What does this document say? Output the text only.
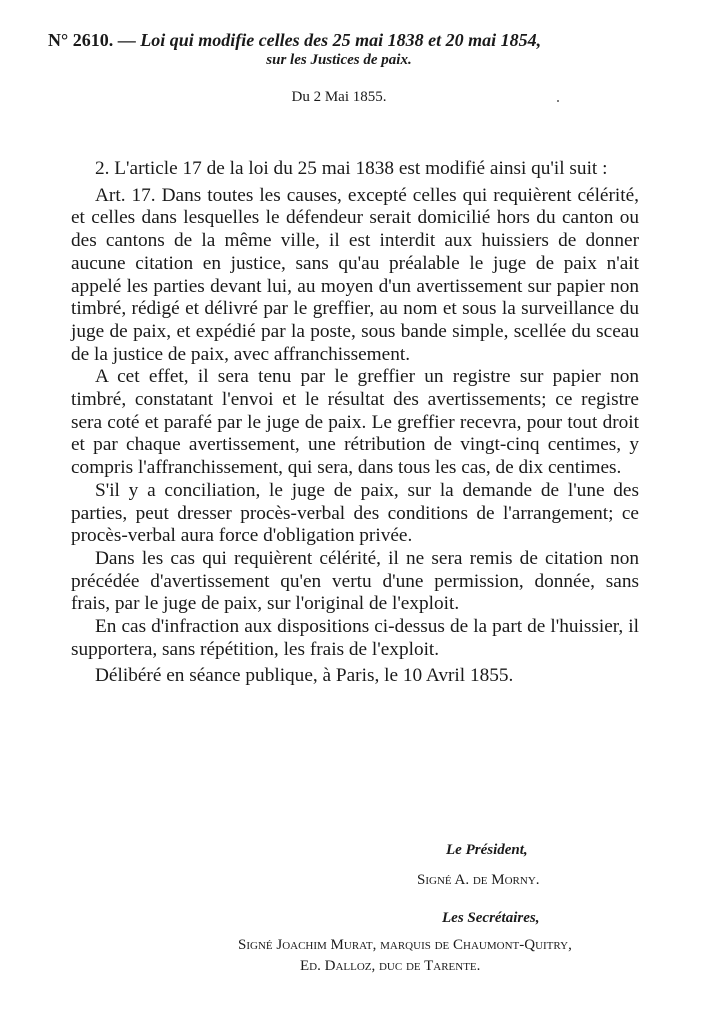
N° 2610. — Loi qui modifie celles des 25 mai 1838 et 20 mai 1854,
sur les Justices de paix.
Du 2 Mai 1855.

2. L'article 17 de la loi du 25 mai 1838 est modifié ainsi qu'il suit :

Art. 17. Dans toutes les causes, excepté celles qui requièrent célérité, et celles dans lesquelles le défendeur serait domicilié hors du canton ou des cantons de la même ville, il est interdit aux huissiers de donner aucune citation en justice, sans qu'au préalable le juge de paix n'ait appelé les parties devant lui, au moyen d'un avertissement sur papier non timbré, rédigé et délivré par le greffier, au nom et sous la surveillance du juge de paix, et expédié par la poste, sous bande simple, scellée du sceau de la justice de paix, avec affranchissement.

A cet effet, il sera tenu par le greffier un registre sur papier non timbré, constatant l'envoi et le résultat des avertissements; ce registre sera coté et parafé par le juge de paix. Le greffier recevra, pour tout droit et par chaque avertissement, une rétribution de vingt-cinq centimes, y compris l'affranchissement, qui sera, dans tous les cas, de dix centimes.

S'il y a conciliation, le juge de paix, sur la demande de l'une des parties, peut dresser procès-verbal des conditions de l'arrangement; ce procès-verbal aura force d'obligation privée.

Dans les cas qui requièrent célérité, il ne sera remis de citation non précédée d'avertissement qu'en vertu d'une permission, donnée, sans frais, par le juge de paix, sur l'original de l'exploit.

En cas d'infraction aux dispositions ci-dessus de la part de l'huissier, il supportera, sans répétition, les frais de l'exploit.

Délibéré en séance publique, à Paris, le 10 Avril 1855.

Le Président,
Signé A. de Morny.
Les Secrétaires,
Signé Joachim Murat, marquis de Chaumont-Quitry,
Ed. Dalloz, duc de Tarente.
